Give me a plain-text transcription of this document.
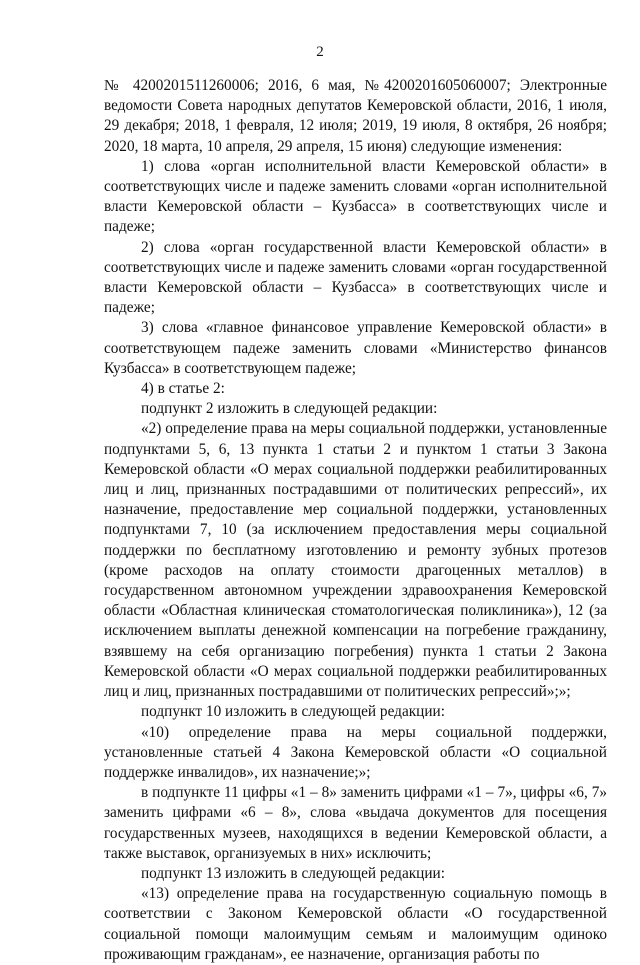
2

№ 4200201511260006; 2016, 6 мая, №4200201605060007; Электронные ведомости Совета народных депутатов Кемеровской области, 2016, 1 июля, 29 декабря; 2018, 1 февраля, 12 июля; 2019, 19 июля, 8 октября, 26 ноября; 2020, 18 марта, 10 апреля, 29 апреля, 15 июня) следующие изменения:

1) слова «орган исполнительной власти Кемеровской области» в соответствующих числе и падеже заменить словами «орган исполнительной власти Кемеровской области – Кузбасса» в соответствующих числе и падеже;

2) слова «орган государственной власти Кемеровской области» в соответствующих числе и падеже заменить словами «орган государственной власти Кемеровской области – Кузбасса» в соответствующих числе и падеже;

3) слова «главное финансовое управление Кемеровской области» в соответствующем падеже заменить словами «Министерство финансов Кузбасса» в соответствующем падеже;

4) в статье 2:

подпункт 2 изложить в следующей редакции:

«2) определение права на меры социальной поддержки, установленные подпунктами 5, 6, 13 пункта 1 статьи 2 и пунктом 1 статьи 3 Закона Кемеровской области «О мерах социальной поддержки реабилитированных лиц и лиц, признанных пострадавшими от политических репрессий», их назначение, предоставление мер социальной поддержки, установленных подпунктами 7, 10 (за исключением предоставления меры социальной поддержки по бесплатному изготовлению и ремонту зубных протезов (кроме расходов на оплату стоимости драгоценных металлов) в государственном автономном учреждении здравоохранения Кемеровской области «Областная клиническая стоматологическая поликлиника»), 12 (за исключением выплаты денежной компенсации на погребение гражданину, взявшему на себя организацию погребения) пункта 1 статьи 2 Закона Кемеровской области «О мерах социальной поддержки реабилитированных лиц и лиц, признанных пострадавшими от политических репрессий»;»;

подпункт 10 изложить в следующей редакции:

«10) определение права на меры социальной поддержки, установленные статьей 4 Закона Кемеровской области «О социальной поддержке инвалидов», их назначение;»;

в подпункте 11 цифры «1 – 8» заменить цифрами «1 – 7», цифры «6, 7» заменить цифрами «6 – 8», слова «выдача документов для посещения государственных музеев, находящихся в ведении Кемеровской области, а также выставок, организуемых в них» исключить;

подпункт 13 изложить в следующей редакции:

«13) определение права на государственную социальную помощь в соответствии с Законом Кемеровской области «О государственной социальной помощи малоимущим семьям и малоимущим одиноко проживающим гражданам», ее назначение, организация работы по
